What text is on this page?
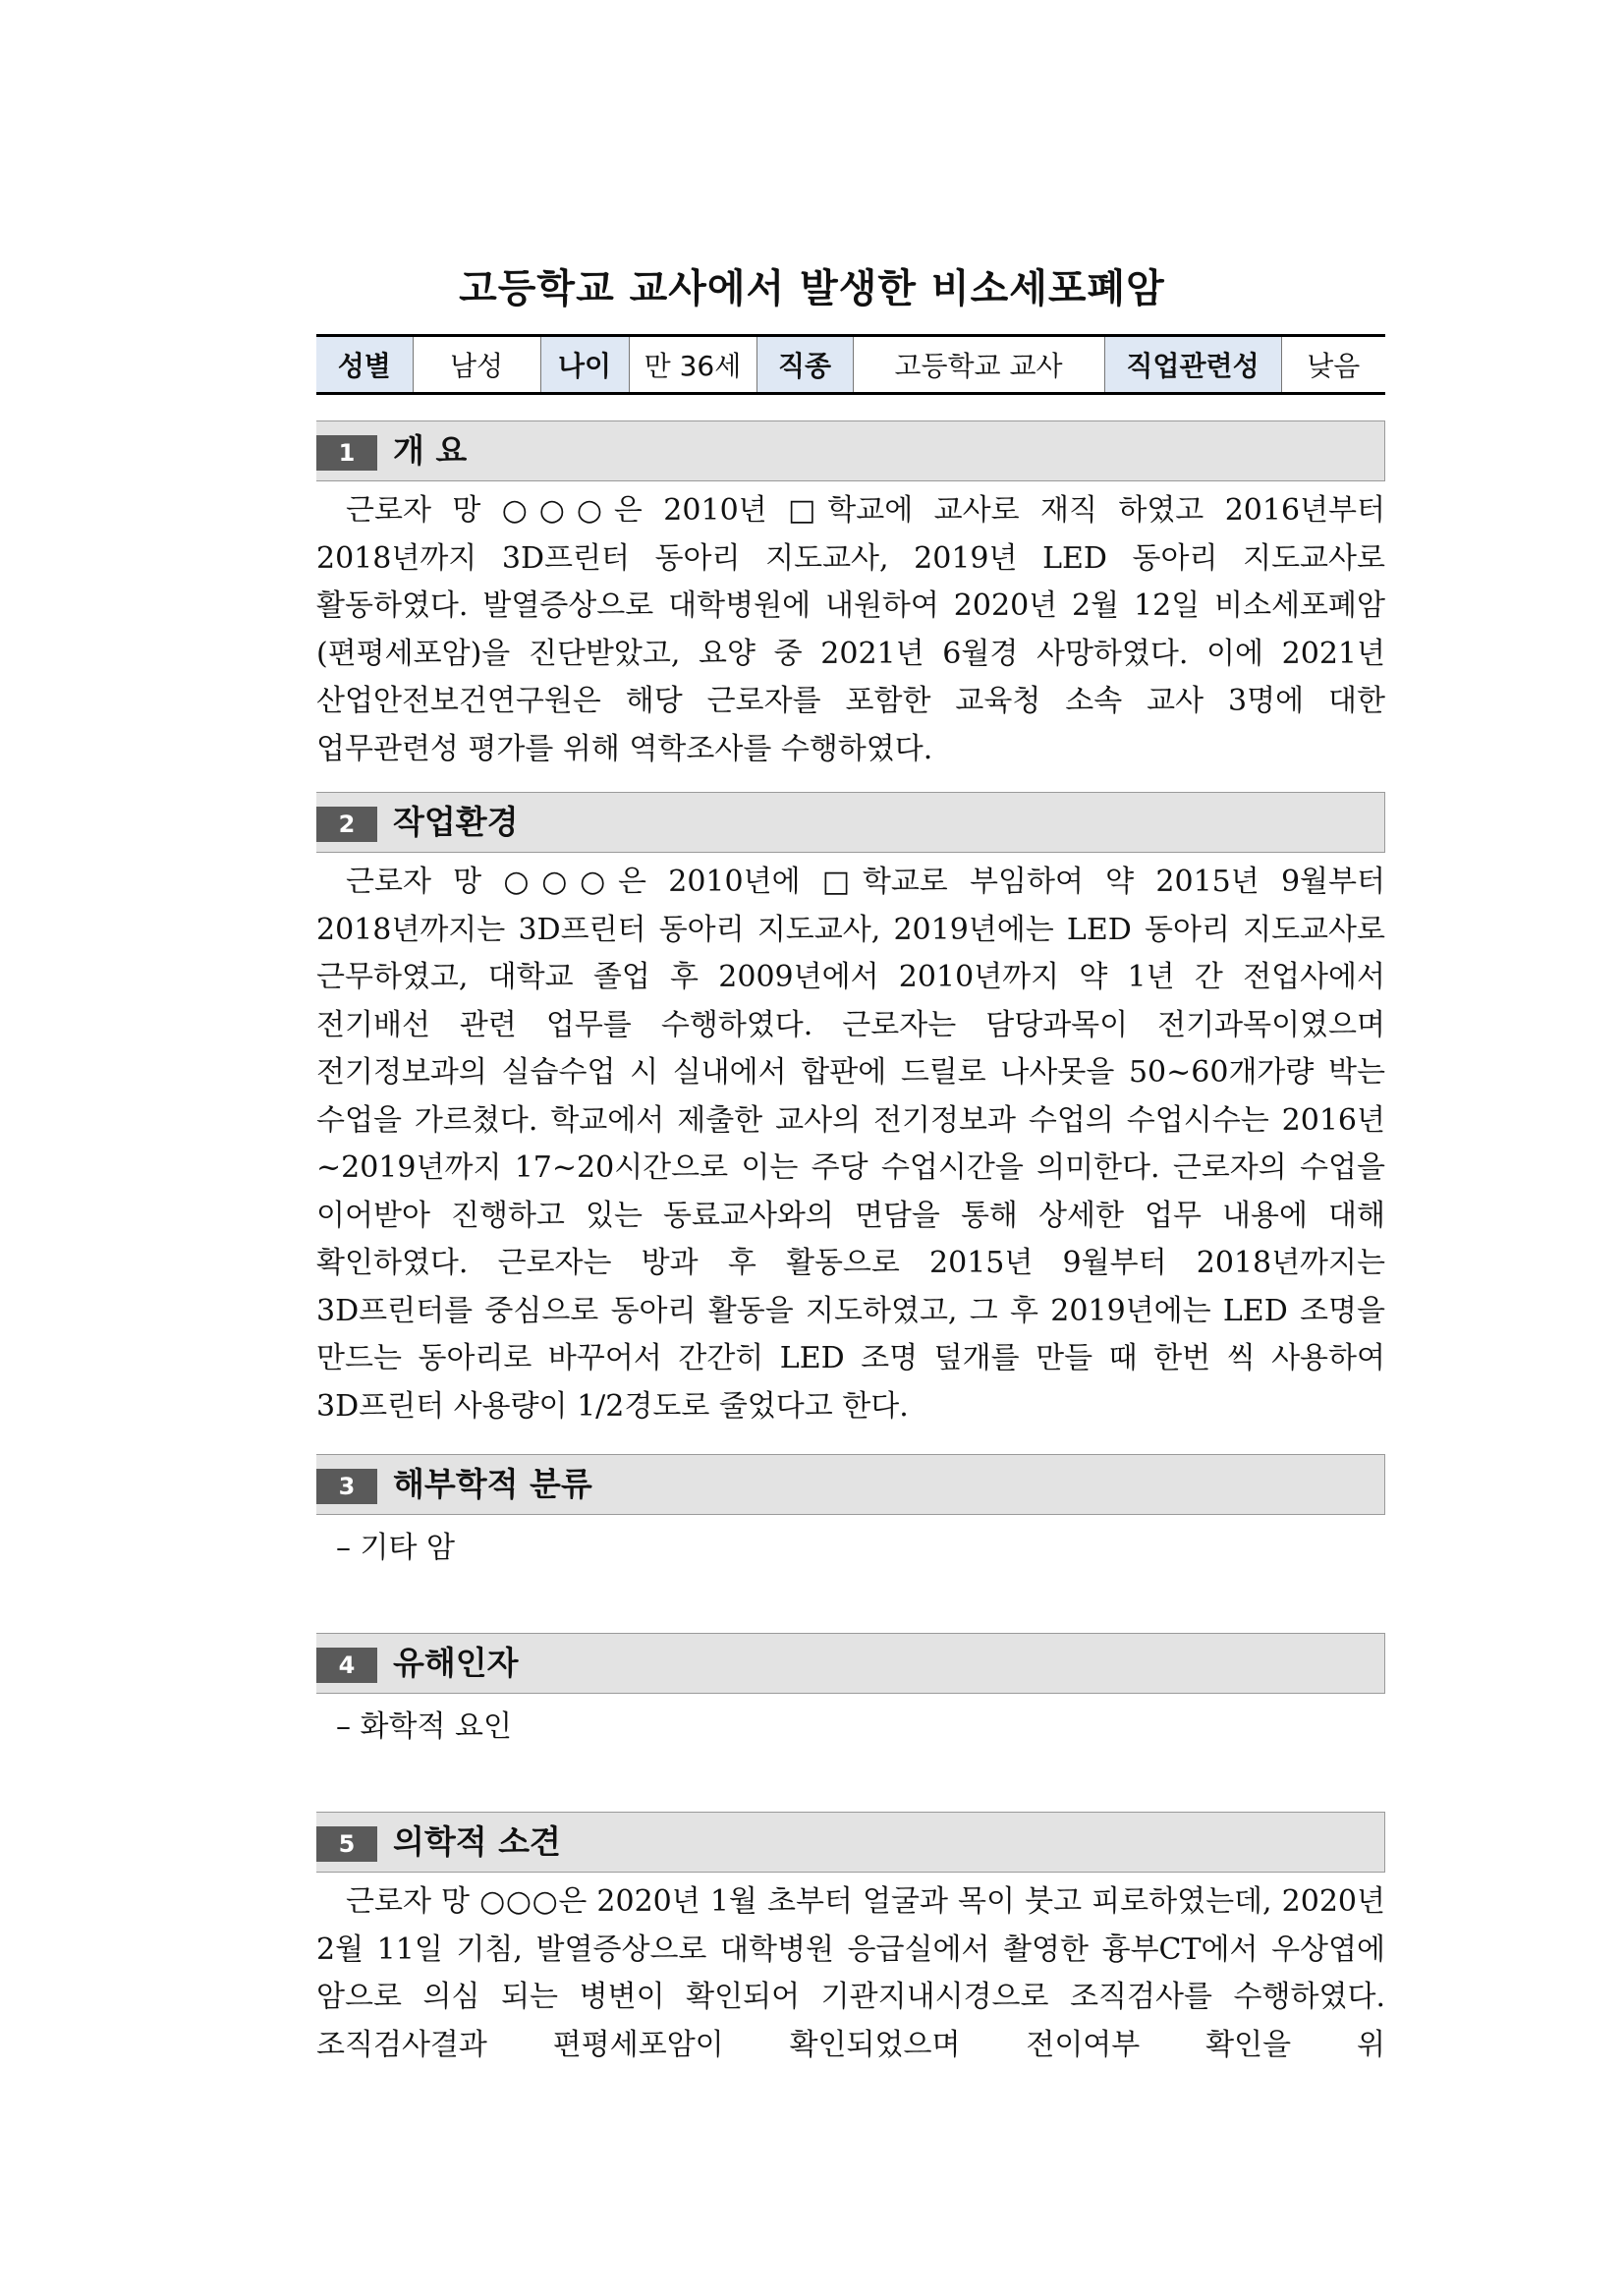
고등학교 교사에서 발생한 비소세포폐암
성별	남성	나이	만 36세	직종	고등학교 교사	직업관련성	낮음
1	개 요

근로자 망 ○○○은 2010년 □학교에 교사로 재직 하였고 2016년부터 2018년까지 3D프린터 동아리 지도교사, 2019년 LED 동아리 지도교사로 활동하였다. 발열증상으로 대학병원에 내원하여 2020년 2월 12일 비소세포폐암(편평세포암)을 진단받았고, 요양 중 2021년 6월경 사망하였다. 이에 2021년 산업안전보건연구원은 해당 근로자를 포함한 교육청 소속 교사 3명에 대한 업무관련성 평가를 위해 역학조사를 수행하였다.

2	작업환경

근로자 망 ○○○은 2010년에 □학교로 부임하여 약 2015년 9월부터 2018년까지는 3D프린터 동아리 지도교사, 2019년에는 LED 동아리 지도교사로 근무하였고, 대학교 졸업 후 2009년에서 2010년까지 약 1년 간 전업사에서 전기배선 관련 업무를 수행하였다. 근로자는 담당과목이 전기과목이였으며 전기정보과의 실습수업 시 실내에서 합판에 드릴로 나사못을 50~60개가량 박는 수업을 가르쳤다. 학교에서 제출한 교사의 전기정보과 수업의 수업시수는 2016년~2019년까지 17~20시간으로 이는 주당 수업시간을 의미한다. 근로자의 수업을 이어받아 진행하고 있는 동료교사와의 면담을 통해 상세한 업무 내용에 대해 확인하였다. 근로자는 방과 후 활동으로 2015년 9월부터 2018년까지는 3D프린터를 중심으로 동아리 활동을 지도하였고, 그 후 2019년에는 LED 조명을 만드는 동아리로 바꾸어서 간간히 LED 조명 덮개를 만들 때 한번 씩 사용하여 3D프린터 사용량이 1/2경도로 줄었다고 한다.

3	해부학적 분류
– 기타 암
4	유해인자
– 화학적 요인
5	의학적 소견

근로자 망 ○○○은 2020년 1월 초부터 얼굴과 목이 붓고 피로하였는데, 2020년 2월 11일 기침, 발열증상으로 대학병원 응급실에서 촬영한 흉부CT에서 우상엽에 암으로 의심 되는 병변이 확인되어 기관지내시경으로 조직검사를 수행하였다. 조직검사결과 편평세포암이 확인되었으며 전이여부 확인을 위
